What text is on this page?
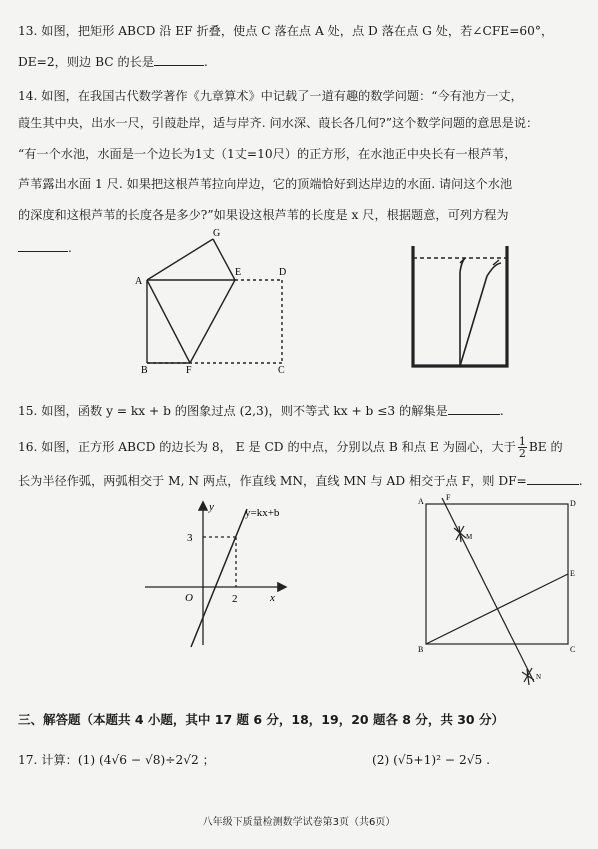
13. 如图，把矩形 ABCD 沿 EF 折叠，使点 C 落在点 A 处，点 D 落在点 G 处，若∠CFE=60°，
DE=2，则边 BC 的长是	.
14. 如图，在我国古代数学著作《九章算术》中记载了一道有趣的数学问题：“今有池方一丈，
葭生其中央，出水一尺，引葭赴岸，适与岸齐. 问水深、葭长各几何?”这个数学问题的意思是说：
“有一个水池，水面是一个边长为1丈（1丈=10尺）的正方形，在水池正中央长有一根芦苇，
芦苇露出水面 1 尺. 如果把这根芦苇拉向岸边，它的顶端恰好到达岸边的水面. 请问这个水池
的深度和这根芦苇的长度各是多少?”如果设这根芦苇的长度是 x 尺，根据题意，可列方程为
.
A
B	C
D
E
F
G
15. 如图，函数 y = kx + b 的图象过点 (2,3)，则不等式 kx + b ≤3 的解集是	.
16. 如图，正方形 ABCD 的边长为 8， E 是 CD 的中点，分别以点 B 和点 E 为圆心，大于 $\frac{1}{2}$ BE 的
长为半径作弧，两弧相交于 M, N 两点，作直线 MN，直线 MN 与 AD 相交于点 F，则 DF=	.
y
x
O
3
2
y=kx+b
A
B	C
D
E
F
M
N
三、解答题（本题共 4 小题，其中 17 题 6 分，18，19，20 题各 8 分，共 30 分）
17. 计算：(1) (4√6 − √8)÷2√2 ；	(2) (√5+1)² − 2√5 .
八年级下质量检测数学试卷第3页（共6页）
